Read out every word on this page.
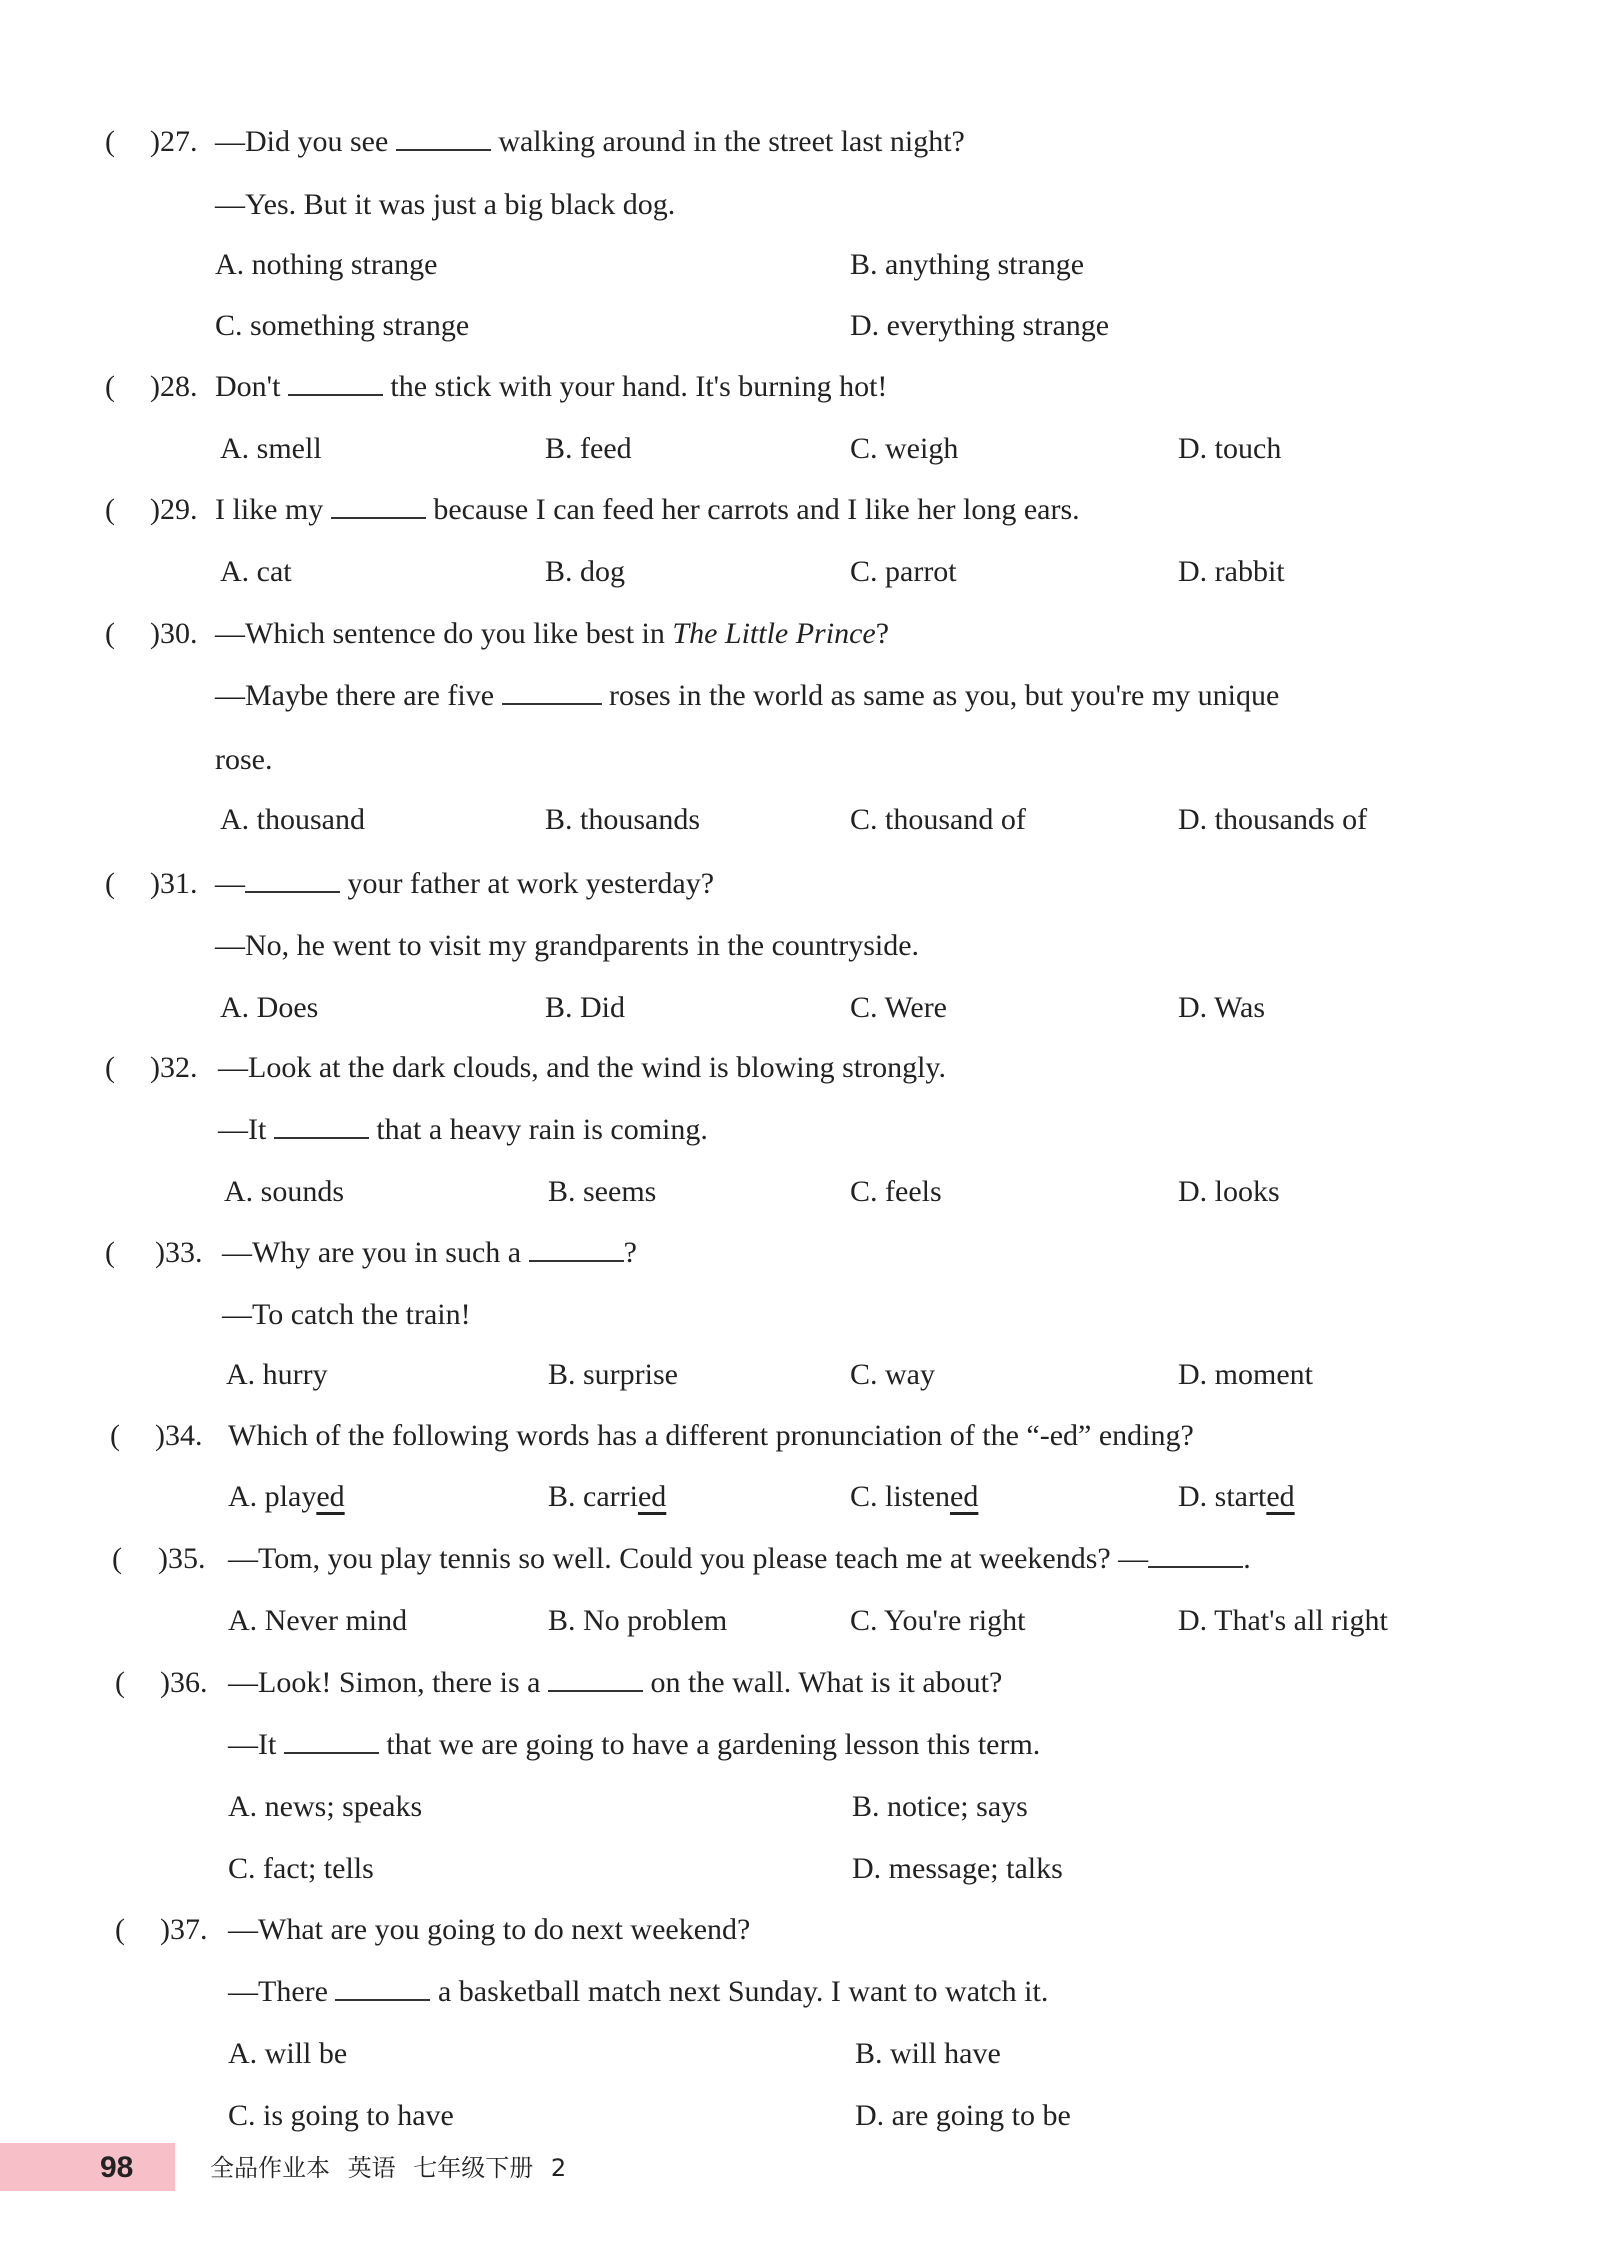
( )27. —Did you see	walking around in the street last night?
—Yes. But it was just a big black dog.
A. nothing strange	B. anything strange
C. something strange	D. everything strange
( )28. Don't	the stick with your hand. It's burning hot!
A. smell	B. feed	C. weigh	D. touch
( )29. I like my	because I can feed her carrots and I like her long ears.
A. cat	B. dog	C. parrot	D. rabbit
( )30. —Which sentence do you like best in The Little Prince?
—Maybe there are five	roses in the world as same as you, but you're my unique
rose.
A. thousand	B. thousands	C. thousand of	D. thousands of
( )31. —	your father at work yesterday?
—No, he went to visit my grandparents in the countryside.
A. Does	B. Did	C. Were	D. Was
( )32. —Look at the dark clouds, and the wind is blowing strongly.
—It	that a heavy rain is coming.
A. sounds	B. seems	C. feels	D. looks
( )33. —Why are you in such a	?
—To catch the train!
A. hurry	B. surprise	C. way	D. moment
( )34. Which of the following words has a different pronunciation of the “-ed” ending?
A. played	B. carried	C. listened	D. started
( )35. —Tom, you play tennis so well. Could you please teach me at weekends? —	.
A. Never mind	B. No problem	C. You're right	D. That's all right
( )36. —Look! Simon, there is a	on the wall. What is it about?
—It	that we are going to have a gardening lesson this term.
A. news; speaks	B. notice; says
C. fact; tells	D. message; talks
( )37. —What are you going to do next weekend?
—There	a basketball match next Sunday. I want to watch it.
A. will be	B. will have
C. is going to have	D. are going to be
98	全品作业本 英语 七年级下册 2
